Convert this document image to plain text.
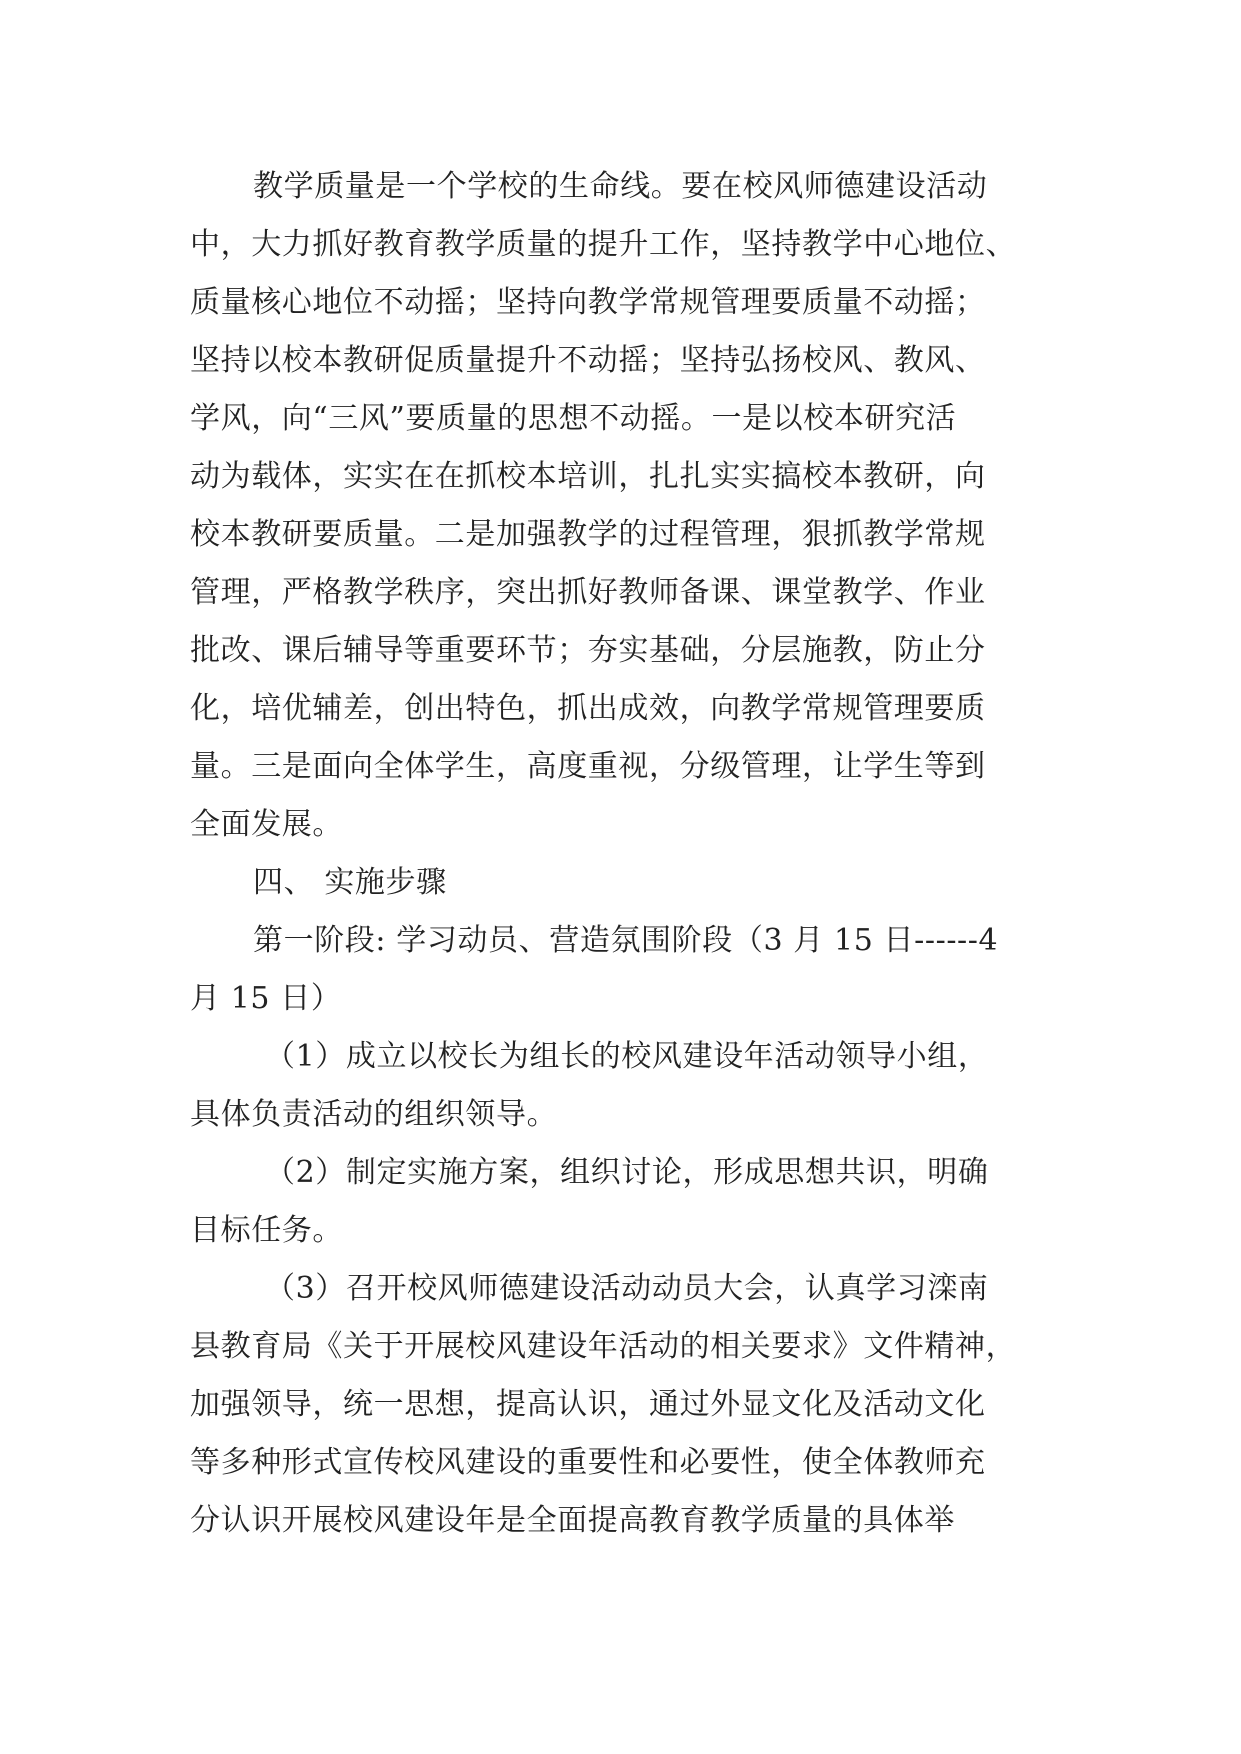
教学质量是一个学校的生命线。要在校风师德建设活动
中，大力抓好教育教学质量的提升工作，坚持教学中心地位、
质量核心地位不动摇；坚持向教学常规管理要质量不动摇；
坚持以校本教研促质量提升不动摇；坚持弘扬校风、教风、
学风，向“三风”要质量的思想不动摇。一是以校本研究活
动为载体，实实在在抓校本培训，扎扎实实搞校本教研，向
校本教研要质量。二是加强教学的过程管理，狠抓教学常规
管理，严格教学秩序，突出抓好教师备课、课堂教学、作业
批改、课后辅导等重要环节；夯实基础，分层施教，防止分
化，培优辅差，创出特色，抓出成效，向教学常规管理要质
量。三是面向全体学生，高度重视，分级管理，让学生等到
全面发展。
四、 实施步骤
第一阶段: 学习动员、营造氛围阶段（3 月 15 日------4
月 15 日）
（1）成立以校长为组长的校风建设年活动领导小组，
具体负责活动的组织领导。
（2）制定实施方案，组织讨论，形成思想共识，明确
目标任务。
（3）召开校风师德建设活动动员大会，认真学习滦南
县教育局《关于开展校风建设年活动的相关要求》文件精神，
加强领导，统一思想，提高认识，通过外显文化及活动文化
等多种形式宣传校风建设的重要性和必要性，使全体教师充
分认识开展校风建设年是全面提高教育教学质量的具体举
